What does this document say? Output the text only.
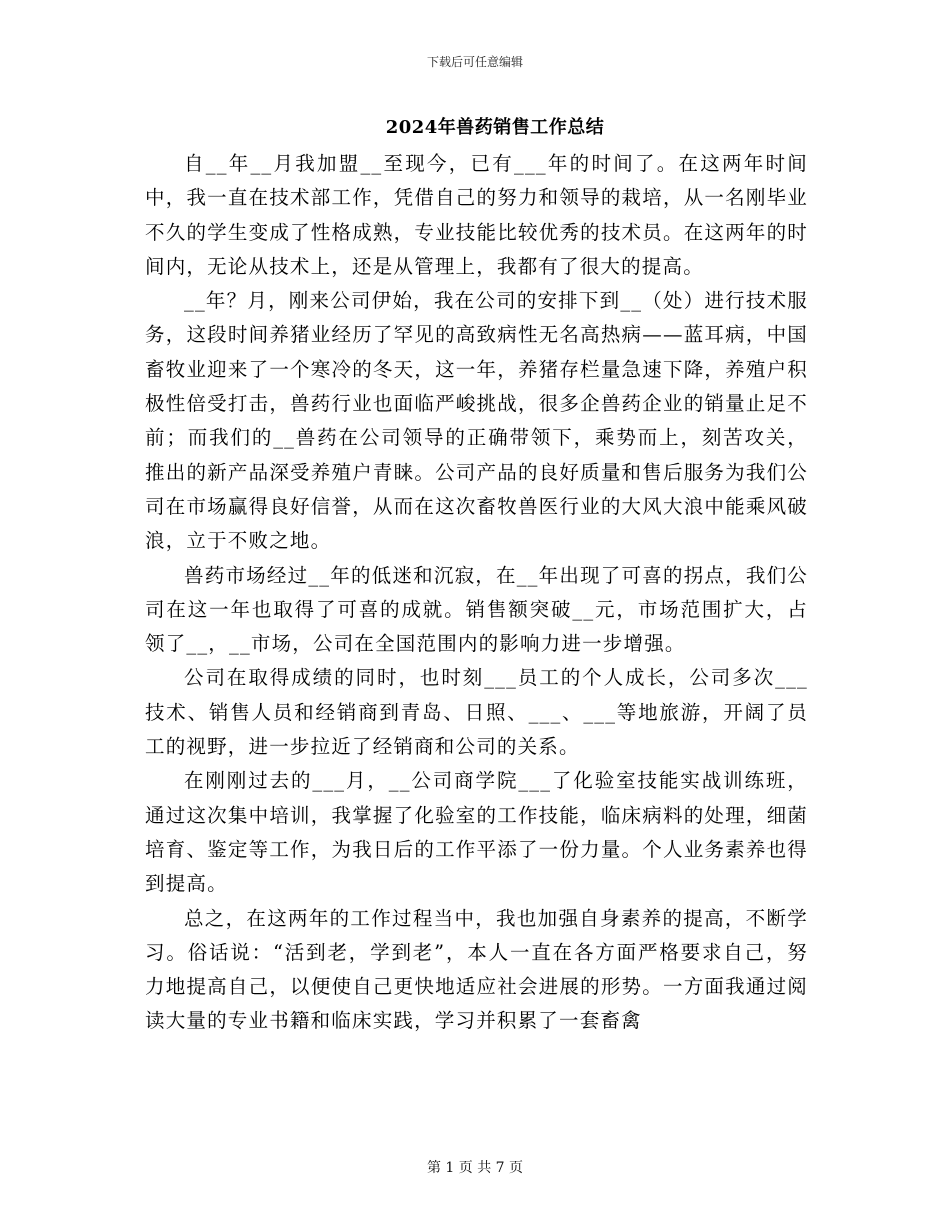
下载后可任意编辑
2024年兽药销售工作总结

自__年__月我加盟__至现今，已有___年的时间了。在这两年时间中，我一直在技术部工作，凭借自己的努力和领导的栽培，从一名刚毕业不久的学生变成了性格成熟，专业技能比较优秀的技术员。在这两年的时间内，无论从技术上，还是从管理上，我都有了很大的提高。

__年？月，刚来公司伊始，我在公司的安排下到__（处）进行技术服务，这段时间养猪业经历了罕见的高致病性无名高热病——蓝耳病，中国畜牧业迎来了一个寒冷的冬天，这一年，养猪存栏量急速下降，养殖户积极性倍受打击，兽药行业也面临严峻挑战，很多企兽药企业的销量止足不前；而我们的__兽药在公司领导的正确带领下，乘势而上，刻苦攻关，推出的新产品深受养殖户青睐。公司产品的良好质量和售后服务为我们公司在市场赢得良好信誉，从而在这次畜牧兽医行业的大风大浪中能乘风破浪，立于不败之地。

兽药市场经过__年的低迷和沉寂，在__年出现了可喜的拐点，我们公司在这一年也取得了可喜的成就。销售额突破__元，市场范围扩大，占领了__，__市场，公司在全国范围内的影响力进一步增强。

公司在取得成绩的同时，也时刻___员工的个人成长，公司多次___技术、销售人员和经销商到青岛、日照、___、___等地旅游，开阔了员工的视野，进一步拉近了经销商和公司的关系。

在刚刚过去的___月，__公司商学院___了化验室技能实战训练班，通过这次集中培训，我掌握了化验室的工作技能，临床病料的处理，细菌培育、鉴定等工作，为我日后的工作平添了一份力量。个人业务素养也得到提高。

总之，在这两年的工作过程当中，我也加强自身素养的提高，不断学习。俗话说：“活到老，学到老”，本人一直在各方面严格要求自己，努力地提高自己，以便使自己更快地适应社会进展的形势。一方面我通过阅读大量的专业书籍和临床实践，学习并积累了一套畜禽

第 1 页 共 7 页
